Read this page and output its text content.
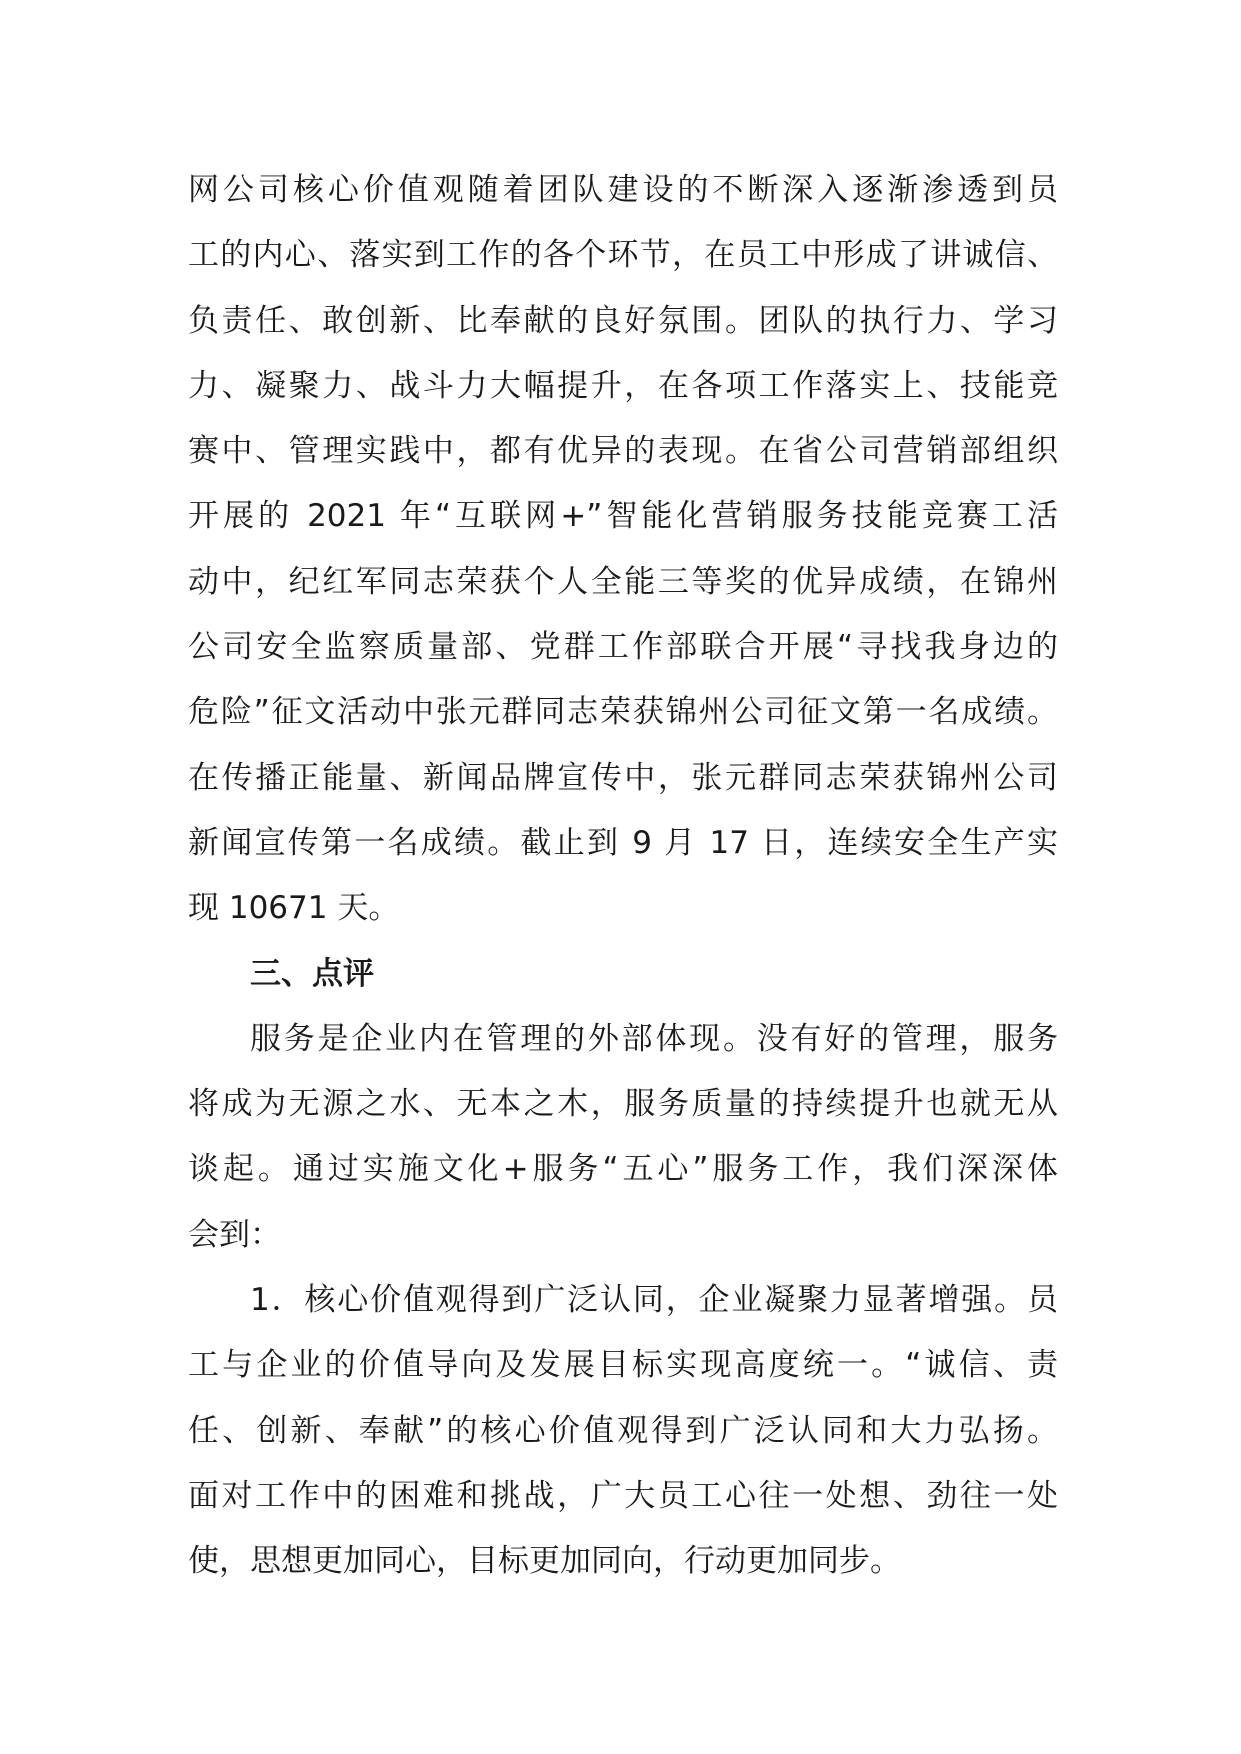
网公司核心价值观随着团队建设的不断深入逐渐渗透到员
工的内心、落实到工作的各个环节，在员工中形成了讲诚信、
负责任、敢创新、比奉献的良好氛围。团队的执行力、学习
力、凝聚力、战斗力大幅提升，在各项工作落实上、技能竞
赛中、管理实践中，都有优异的表现。在省公司营销部组织
开展的 2021 年“互联网+”智能化营销服务技能竞赛工活
动中，纪红军同志荣获个人全能三等奖的优异成绩，在锦州
公司安全监察质量部、党群工作部联合开展“寻找我身边的
危险”征文活动中张元群同志荣获锦州公司征文第一名成绩。
在传播正能量、新闻品牌宣传中，张元群同志荣获锦州公司
新闻宣传第一名成绩。截止到 9 月 17 日，连续安全生产实
现 10671 天。
三、点评
服务是企业内在管理的外部体现。没有好的管理，服务
将成为无源之水、无本之木，服务质量的持续提升也就无从
谈起。通过实施文化+服务“五心”服务工作，我们深深体
会到：
1．核心价值观得到广泛认同，企业凝聚力显著增强。员
工与企业的价值导向及发展目标实现高度统一。“诚信、责
任、创新、奉献”的核心价值观得到广泛认同和大力弘扬。
面对工作中的困难和挑战，广大员工心往一处想、劲往一处
使，思想更加同心，目标更加同向，行动更加同步。
